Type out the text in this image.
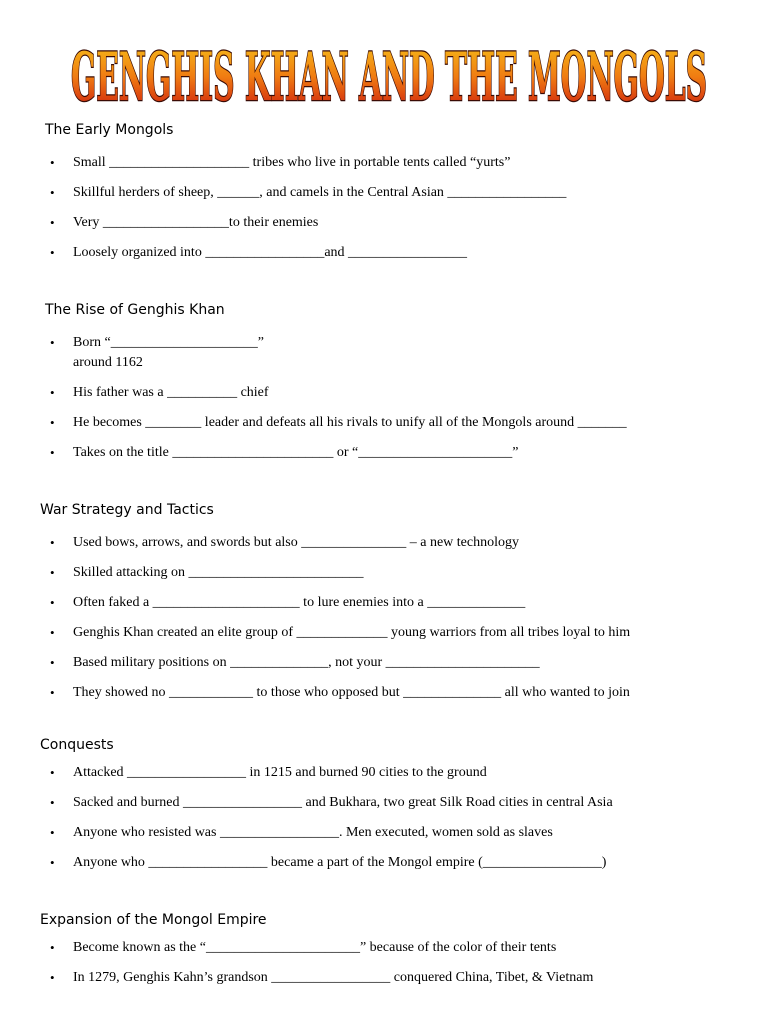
GENGHIS KHAN AND THE MONGOLS
The Early Mongols
• Small ____________________ tribes who live in portable tents called “yurts”
• Skillful herders of sheep, ______, and camels in the Central Asian _________________
• Very __________________to their enemies
• Loosely organized into _________________and _________________
The Rise of Genghis Khan
• Born “_____________________”
around 1162
• His father was a __________ chief
• He becomes ________ leader and defeats all his rivals to unify all of the Mongols around _______
• Takes on the title _______________________ or “______________________”
War Strategy and Tactics
• Used bows, arrows, and swords but also _______________ – a new technology
• Skilled attacking on _________________________
• Often faked a _____________________ to lure enemies into a ______________
• Genghis Khan created an elite group of _____________ young warriors from all tribes loyal to him
• Based military positions on ______________, not your ______________________
• They showed no ____________ to those who opposed but ______________ all who wanted to join
Conquests
• Attacked _________________ in 1215 and burned 90 cities to the ground
• Sacked and burned _________________ and Bukhara, two great Silk Road cities in central Asia
• Anyone who resisted was _________________. Men executed, women sold as slaves
• Anyone who _________________ became a part of the Mongol empire (_________________)
Expansion of the Mongol Empire
• Become known as the “______________________” because of the color of their tents
• In 1279, Genghis Kahn’s grandson _________________ conquered China, Tibet, & Vietnam
